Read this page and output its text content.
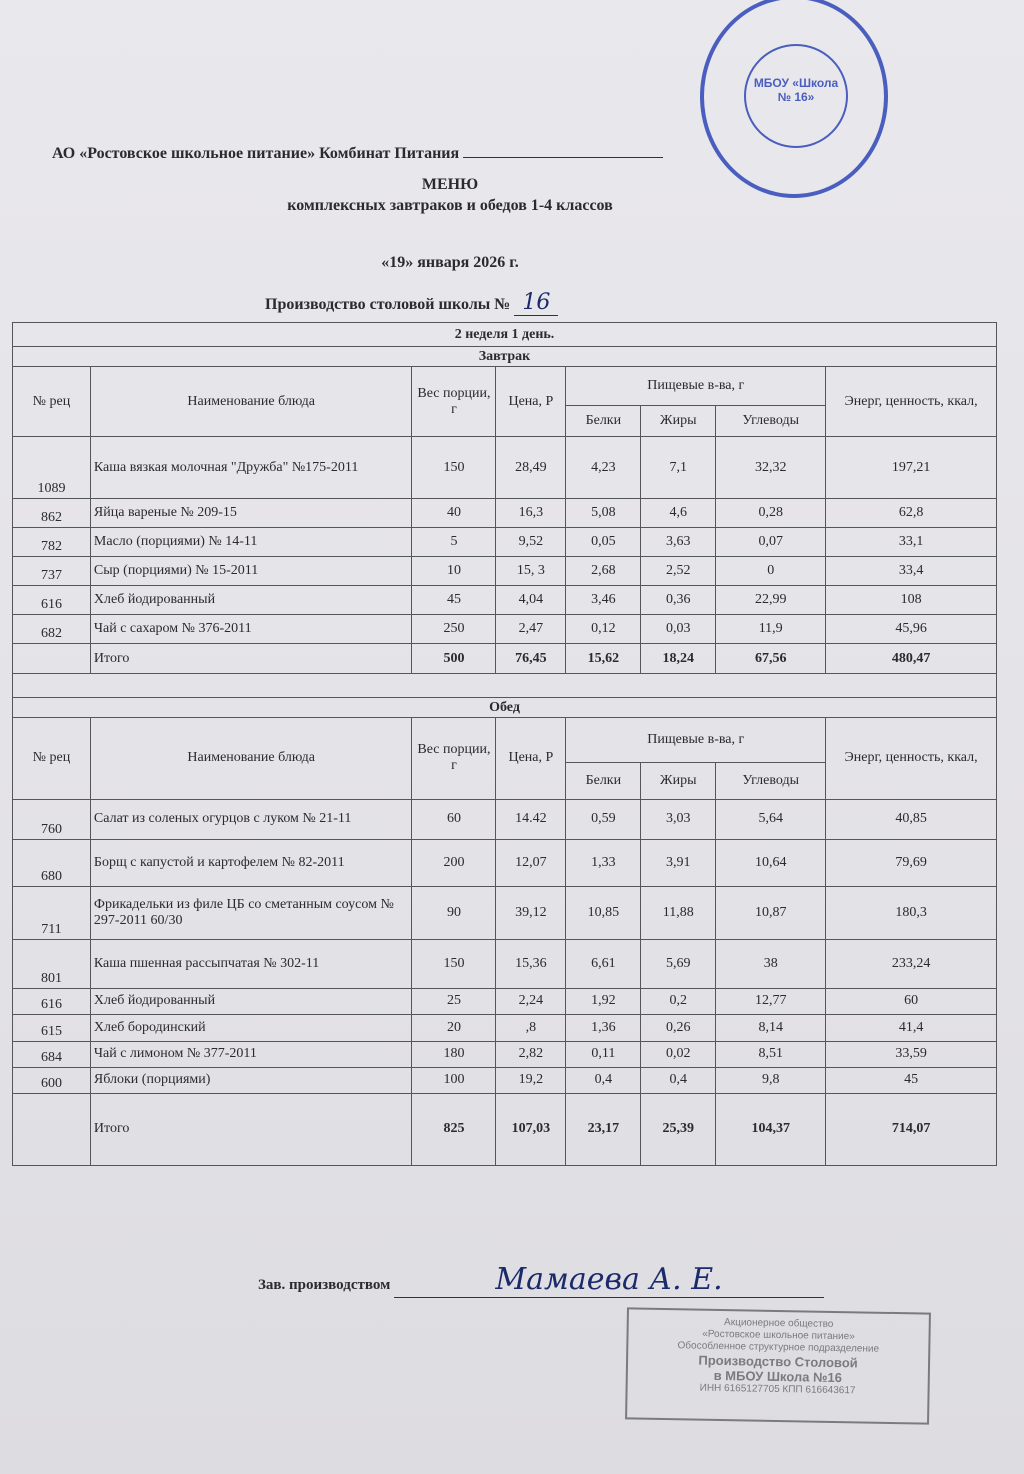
МБОУ «Школа № 16»
АО «Ростовское школьное питание» Комбинат Питания
МЕНЮ
комплексных завтраков и обедов 1-4 классов
«19» января 2026 г.
Производство столовой школы № 16
2 неделя 1 день.							
Завтрак							
№ рец	Наименование блюда	Вес порции, г	Цена, Р	Пищевые в-ва, г			Энерг, ценность, ккал,
				Белки	Жиры	Углеводы	
1089	Каша вязкая молочная "Дружба" №175-2011	150	28,49	4,23	7,1	32,32	197,21
862	Яйца вареные № 209-15	40	16,3	5,08	4,6	0,28	62,8
782	Масло (порциями) № 14-11	5	9,52	0,05	3,63	0,07	33,1
737	Сыр (порциями) № 15-2011	10	15, 3	2,68	2,52	0	33,4
616	Хлеб йодированный	45	4,04	3,46	0,36	22,99	108
682	Чай с сахаром № 376-2011	250	2,47	0,12	0,03	11,9	45,96
	Итого	500	76,45	15,62	18,24	67,56	480,47

Обед							
№ рец	Наименование блюда	Вес порции, г	Цена, Р	Пищевые в-ва, г			Энерг, ценность, ккал,
				Белки	Жиры	Углеводы	
760	Салат из соленых огурцов с луком № 21-11	60	14.42	0,59	3,03	5,64	40,85
680	Борщ с капустой и картофелем № 82-2011	200	12,07	1,33	3,91	10,64	79,69
711	Фрикадельки из филе ЦБ со сметанным соусом № 297-2011 60/30	90	39,12	10,85	11,88	10,87	180,3
801	Каша пшенная рассыпчатая № 302-11	150	15,36	6,61	5,69	38	233,24
616	Хлеб йодированный	25	2,24	1,92	0,2	12,77	60
615	Хлеб бородинский	20	,8	1,36	0,26	8,14	41,4
684	Чай с лимоном № 377-2011	180	2,82	0,11	0,02	8,51	33,59
600	Яблоки (порциями)	100	19,2	0,4	0,4	9,8	45
	Итого	825	107,03	23,17	25,39	104,37	714,07
Зав. производством	Мамаева А. Е.
Акционерное общество
«Ростовское школьное питание»
Обособленное структурное подразделение
Производство Столовой
в МБОУ Школа №16
ИНН 6165127705 КПП 616643617
